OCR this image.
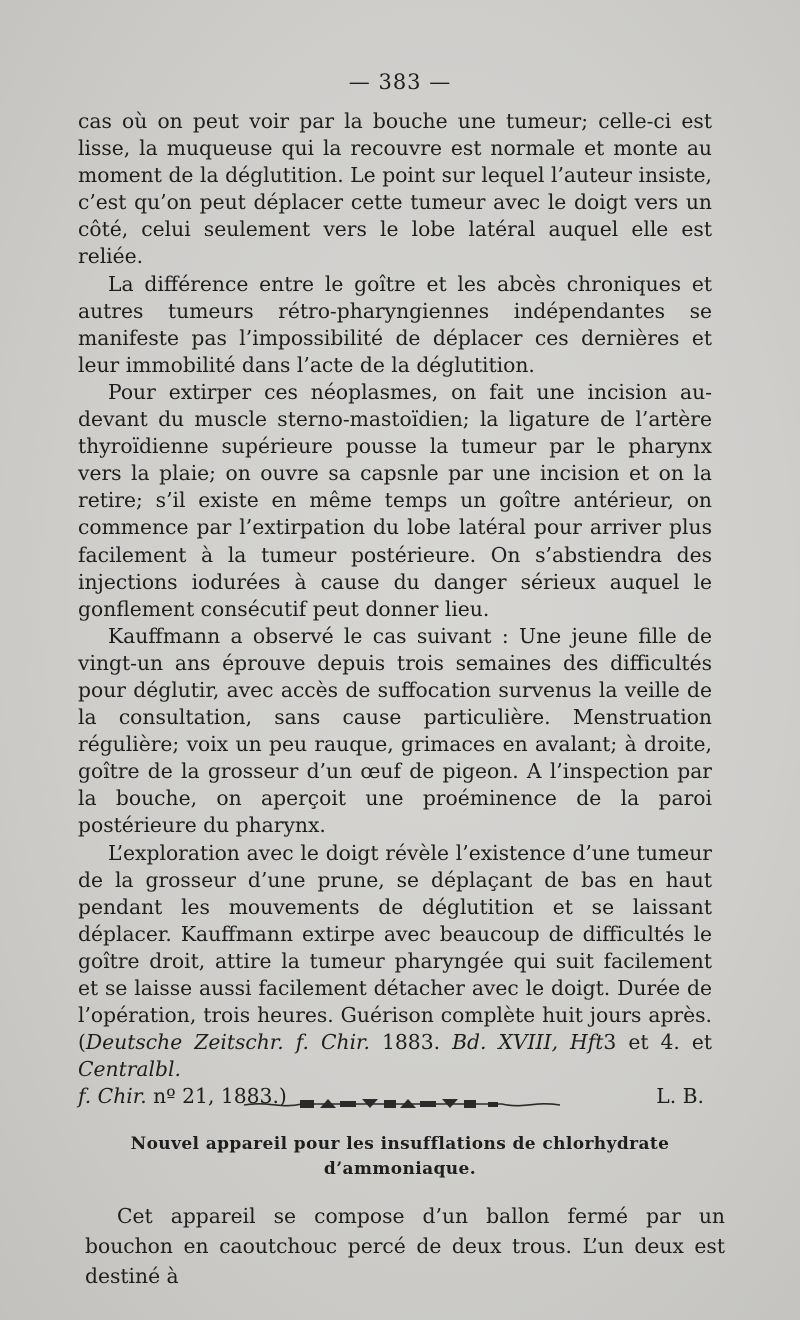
— 383 —

cas où on peut voir par la bouche une tumeur; celle-ci est lisse, la muqueuse qui la recouvre est normale et monte au moment de la déglutition. Le point sur lequel l’auteur insiste, c’est qu’on peut déplacer cette tumeur avec le doigt vers un côté, celui seulement vers le lobe latéral auquel elle est reliée.

La différence entre le goître et les abcès chroniques et autres tumeurs rétro-pharyngiennes indépendantes se manifeste pas l’impossibilité de déplacer ces dernières et leur immobilité dans l’acte de la déglutition.

Pour extirper ces néoplasmes, on fait une incision au-devant du muscle sterno-mastoïdien; la ligature de l’artère thyroïdienne supérieure pousse la tumeur par le pharynx vers la plaie; on ouvre sa capsnle par une incision et on la retire; s’il existe en même temps un goître antérieur, on commence par l’extirpation du lobe latéral pour arriver plus facilement à la tumeur postérieure. On s’abstiendra des injections iodurées à cause du danger sérieux auquel le gonflement consécutif peut donner lieu.

Kauffmann a observé le cas suivant : Une jeune fille de vingt-un ans éprouve depuis trois semaines des difficultés pour déglutir, avec accès de suffocation survenus la veille de la consultation, sans cause particulière. Menstruation régulière; voix un peu rauque, grimaces en avalant; à droite, goître de la grosseur d’un œuf de pigeon. A l’inspection par la bouche, on aperçoit une proéminence de la paroi postérieure du pharynx.

L’exploration avec le doigt révèle l’existence d’une tumeur de la grosseur d’une prune, se déplaçant de bas en haut pendant les mouvements de déglutition et se laissant déplacer. Kauffmann extirpe avec beaucoup de difficultés le goître droit, attire la tumeur pharyngée qui suit facilement et se laisse aussi facilement détacher avec le doigt. Durée de l’opération, trois heures. Guérison complète huit jours après. (Deutsche Zeitschr. f. Chir. 1883. Bd. XVIII, Hft3 et 4. et Centralbl.

f. Chir. nº 21, 1883.)	L. B.
Nouvel appareil pour les insufflations de chlorhydrate d’ammoniaque.

Cet appareil se compose d’un ballon fermé par un bouchon en caoutchouc percé de deux trous. L’un deux est destiné à
